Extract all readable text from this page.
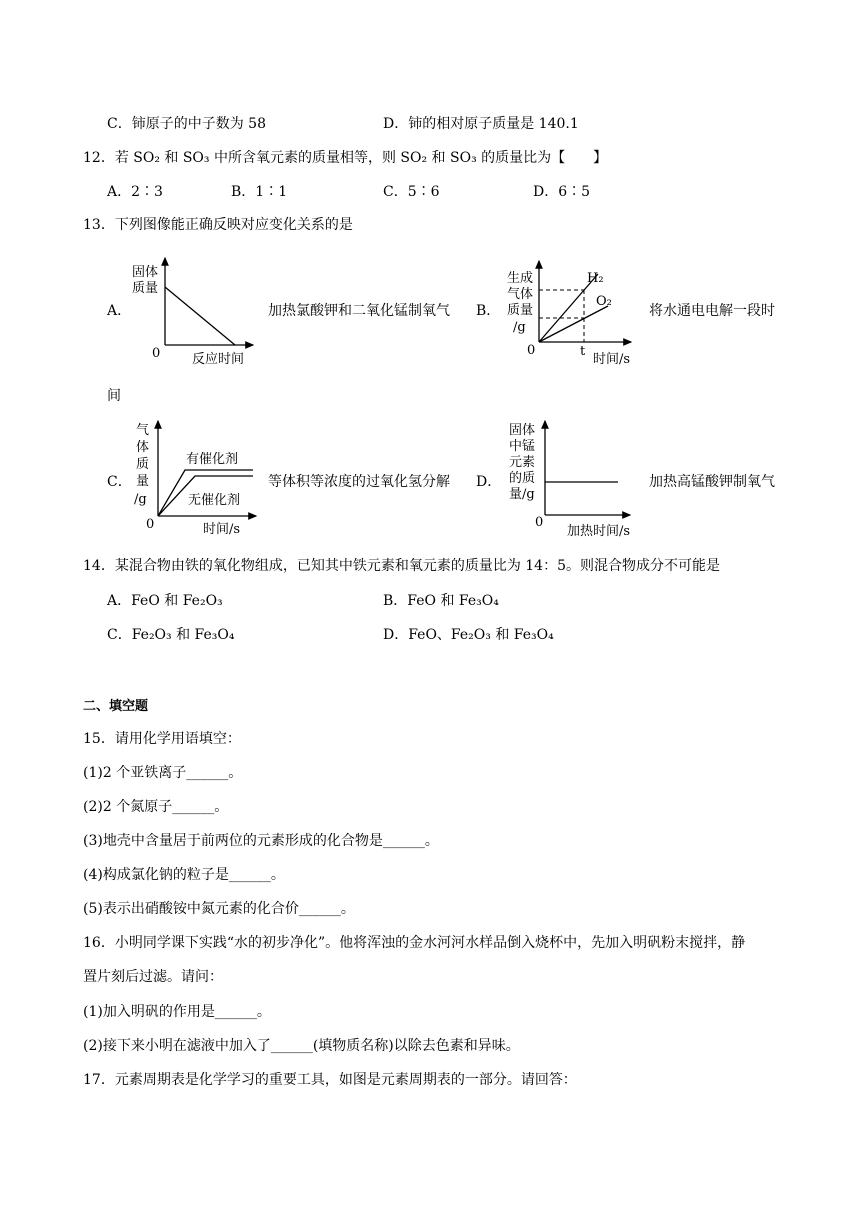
C．铈原子的中子数为 58	D．铈的相对原子质量是 140.1
12．若 SO₂ 和 SO₃ 中所含氧元素的质量相等，则 SO₂ 和 SO₃ 的质量比为【　　】
A．2∶3	B．1∶1	C．5∶6	D．6∶5
13．下列图像能正确反映对应变化关系的是
A．
固体
质量
0 反应时间
加热氯酸钾和二氧化锰制氧气 B．
生成
气体
质量
/g
0	t
时间/s
H₂
O₂
将水通电电解一段时
间
C．
气
体
质
量
/g
0	时间/s
有催化剂
无催化剂
等体积等浓度的过氧化氢分解 D．
固体
中锰
元素
的质
量/g
0
加热时间/s
加热高锰酸钾制氧气
14．某混合物由铁的氧化物组成，已知其中铁元素和氧元素的质量比为 14：5。则混合物成分不可能是
A．FeO 和 Fe₂O₃	B．FeO 和 Fe₃O₄
C．Fe₂O₃ 和 Fe₃O₄	D．FeO、Fe₂O₃ 和 Fe₃O₄
二、填空题
15．请用化学用语填空：
(1)2 个亚铁离子______。
(2)2 个氮原子______。
(3)地壳中含量居于前两位的元素形成的化合物是______。
(4)构成氯化钠的粒子是______。
(5)表示出硝酸铵中氮元素的化合价______。
16．小明同学课下实践“水的初步净化”。他将浑浊的金水河河水样品倒入烧杯中，先加入明矾粉末搅拌，静
置片刻后过滤。请问：
(1)加入明矾的作用是______。
(2)接下来小明在滤液中加入了______(填物质名称)以除去色素和异味。
17．元素周期表是化学学习的重要工具，如图是元素周期表的一部分。请回答：
